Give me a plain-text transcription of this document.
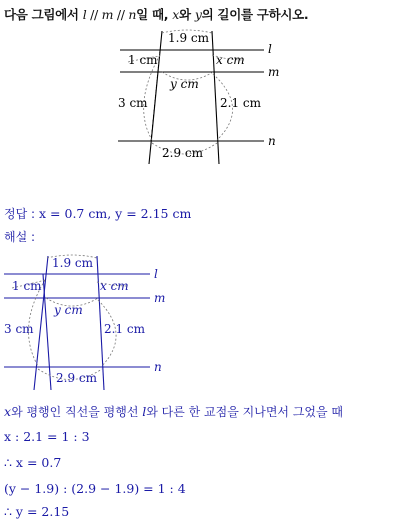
다음 그림에서 l // m // n일 때, x와 y의 길이를 구하시오.
1.9 cm
1 cm	x cm
y cm
3 cm	2.1 cm
2.9 cm
l
m
n
정답 : x = 0.7 cm, y = 2.15 cm
해설 :
1.9 cm
1 cm	x cm
y cm
3 cm	2.1 cm
2.9 cm
l
m
n
x와 평행인 직선을 평행선 l와 다른 한 교점을 지나면서 그었을 때
x : 2.1 = 1 : 3
∴ x = 0.7
(y − 1.9) : (2.9 − 1.9) = 1 : 4
∴ y = 2.15
